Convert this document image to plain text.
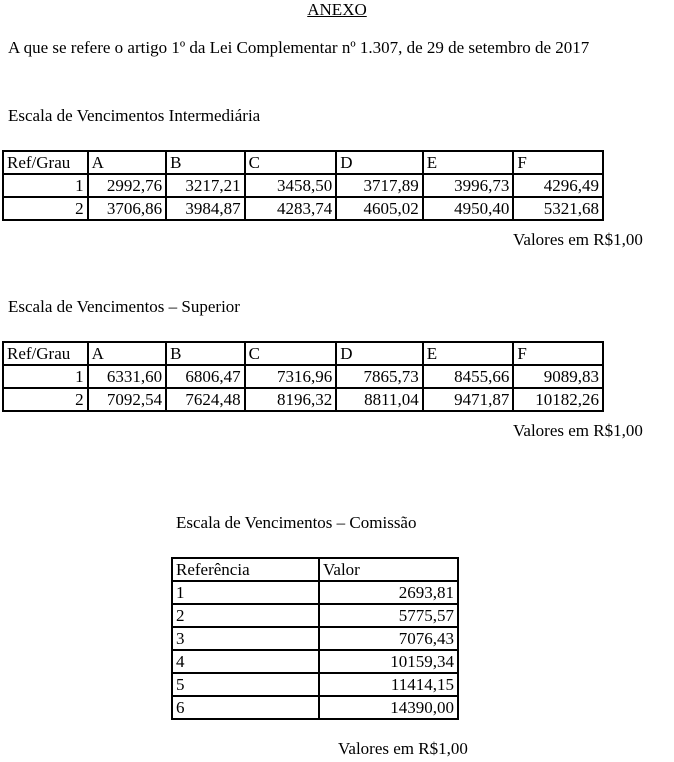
ANEXO
A que se refere o artigo 1º da Lei Complementar nº 1.307, de 29 de setembro de 2017
Escala de Vencimentos Intermediária
Ref/Grau	A	B	C	D	E	F
1	2992,76	3217,21	3458,50	3717,89	3996,73	4296,49
2	3706,86	3984,87	4283,74	4605,02	4950,40	5321,68
Valores em R$1,00
Escala de Vencimentos – Superior
Ref/Grau	A	B	C	D	E	F
1	6331,60	6806,47	7316,96	7865,73	8455,66	9089,83
2	7092,54	7624,48	8196,32	8811,04	9471,87	10182,26
Valores em R$1,00
Escala de Vencimentos – Comissão
Referência	Valor
1	2693,81
2	5775,57
3	7076,43
4	10159,34
5	11414,15
6	14390,00
Valores em R$1,00
